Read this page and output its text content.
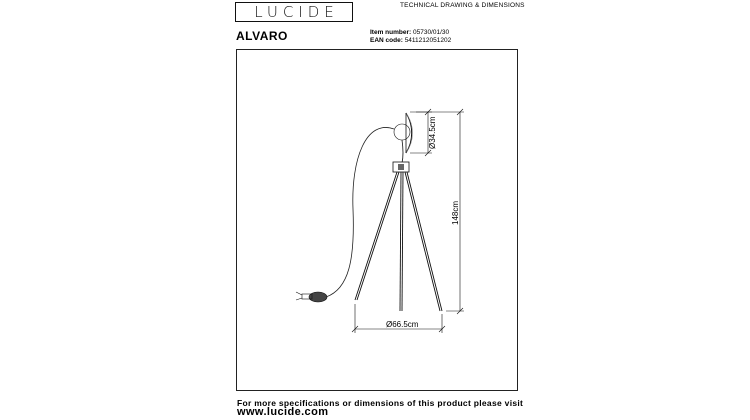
LUCIDE	TECHNICAL DRAWING & DIMENSIONS
ALVARO	Item number: 05730/01/30
EAN code: 5411212051202
Ø34.5cm
148cm
Ø66.5cm
For more specifications or dimensions of this product please visit
www.lucide.com
